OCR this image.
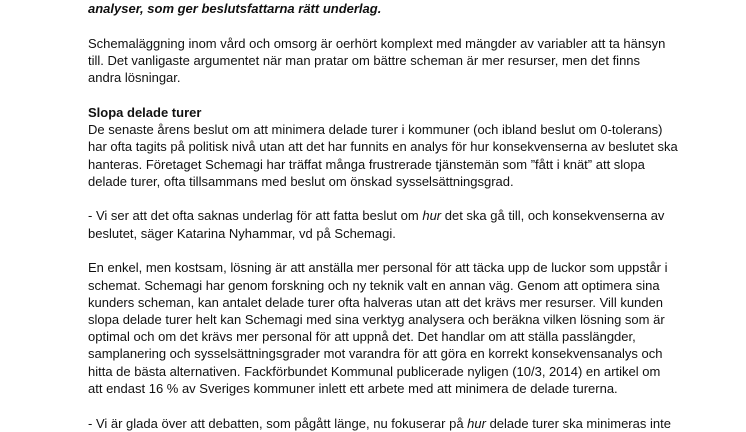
analyser, som ger beslutsfattarna rätt underlag.
Schemaläggning inom vård och omsorg är oerhört komplext med mängder av variabler att ta hänsyn
till. Det vanligaste argumentet när man pratar om bättre scheman är mer resurser, men det finns
andra lösningar.
Slopa delade turer
De senaste årens beslut om att minimera delade turer i kommuner (och ibland beslut om 0-tolerans)
har ofta tagits på politisk nivå utan att det har funnits en analys för hur konsekvenserna av beslutet ska
hanteras. Företaget Schemagi har träffat många frustrerade tjänstemän som ”fått i knät” att slopa
delade turer, ofta tillsammans med beslut om önskad sysselsättningsgrad.
- Vi ser att det ofta saknas underlag för att fatta beslut om hur det ska gå till, och konsekvenserna av
beslutet, säger Katarina Nyhammar, vd på Schemagi.
En enkel, men kostsam, lösning är att anställa mer personal för att täcka upp de luckor som uppstår i
schemat. Schemagi har genom forskning och ny teknik valt en annan väg. Genom att optimera sina
kunders scheman, kan antalet delade turer ofta halveras utan att det krävs mer resurser. Vill kunden
slopa delade turer helt kan Schemagi med sina verktyg analysera och beräkna vilken lösning som är
optimal och om det krävs mer personal för att uppnå det. Det handlar om att ställa passlängder,
samplanering och sysselsättningsgrader mot varandra för att göra en korrekt konsekvensanalys och
hitta de bästa alternativen. Fackförbundet Kommunal publicerade nyligen (10/3, 2014) en artikel om
att endast 16 % av Sveriges kommuner inlett ett arbete med att minimera de delade turerna.
- Vi är glada över att debatten, som pågått länge, nu fokuserar på hur delade turer ska minimeras inte
